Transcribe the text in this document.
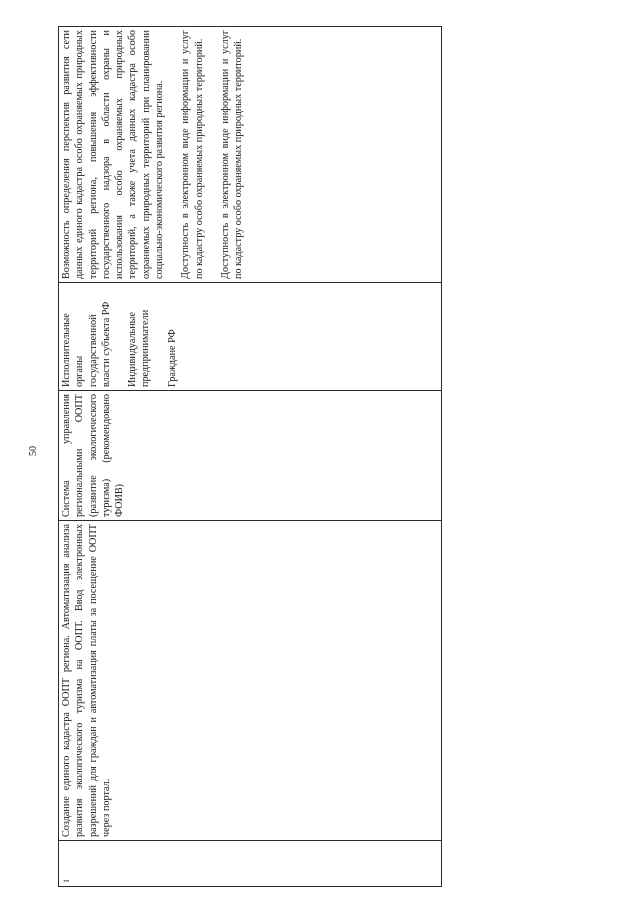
50
1	

Создание единого кадастра ООПТ региона. Автоматизация анализа развития экологического туризма на ООПТ. Ввод электронных разрешений для граждан и автоматизация платы за посещение ООПТ через портал.

Система управления региональными ООПТ (развитие экологического туризма) (рекомендовано ФОИВ)

Исполнительные органы государственной власти субъекта РФ Индивидуальные предприниматели Граждане РФ

Возможность определения перспектив развития сети данных единого кадастра особо охраняемых природных территорий региона, повышения эффективности государственного надзора в области охраны и использования особо охраняемых природных территорий, а также учета данных кадастра особо охраняемых природных территорий при планировании социально-экономического развития региона. Доступность в электронном виде информации и услуг по кадастру особо охраняемых природных территорий. Доступность в электронном виде информации и услуг по кадастру особо охраняемых природных территорий.
